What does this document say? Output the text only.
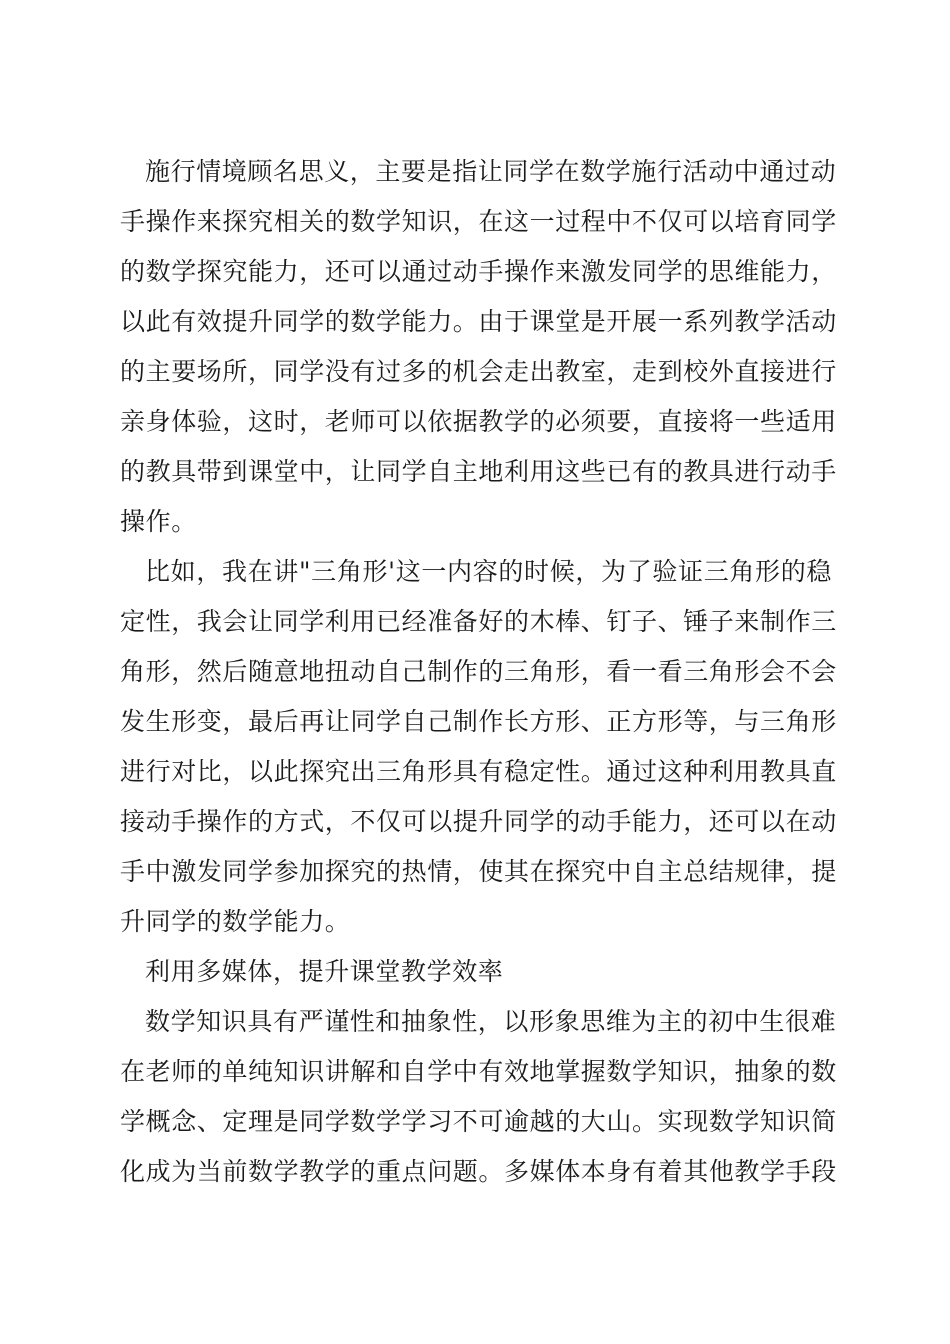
施行情境顾名思义，主要是指让同学在数学施行活动中通过动
手操作来探究相关的数学知识，在这一过程中不仅可以培育同学
的数学探究能力，还可以通过动手操作来激发同学的思维能力，
以此有效提升同学的数学能力。由于课堂是开展一系列教学活动
的主要场所，同学没有过多的机会走出教室，走到校外直接进行
亲身体验，这时，老师可以依据教学的必须要，直接将一些适用
的教具带到课堂中，让同学自主地利用这些已有的教具进行动手
操作。
比如，我在讲"三角形'这一内容的时候，为了验证三角形的稳
定性，我会让同学利用已经准备好的木棒、钉子、锤子来制作三
角形，然后随意地扭动自己制作的三角形，看一看三角形会不会
发生形变，最后再让同学自己制作长方形、正方形等，与三角形
进行对比，以此探究出三角形具有稳定性。通过这种利用教具直
接动手操作的方式，不仅可以提升同学的动手能力，还可以在动
手中激发同学参加探究的热情，使其在探究中自主总结规律，提
升同学的数学能力。
利用多媒体，提升课堂教学效率
数学知识具有严谨性和抽象性，以形象思维为主的初中生很难
在老师的单纯知识讲解和自学中有效地掌握数学知识，抽象的数
学概念、定理是同学数学学习不可逾越的大山。实现数学知识简
化成为当前数学教学的重点问题。多媒体本身有着其他教学手段
